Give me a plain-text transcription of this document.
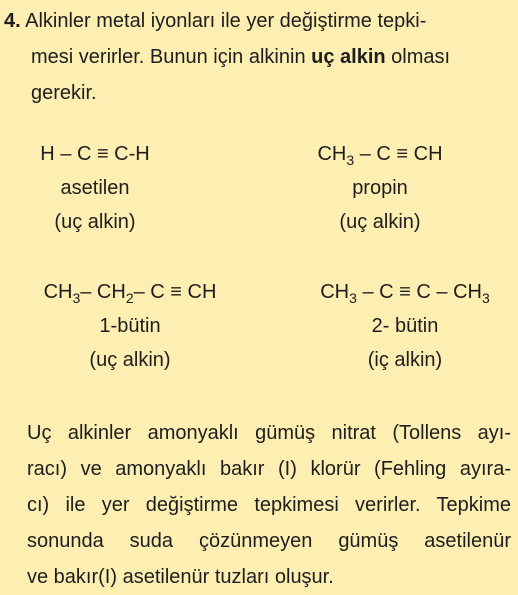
4. Alkinler metal iyonları ile yer değiştirme tepki-
mesi verirler. Bunun için alkinin uç alkin olması
gerekir.
H – C ≡ C-H
asetilen
(uç alkin)
$CH_3$ – C ≡ CH
propin
(uç alkin)
$CH_3-$ $CH_2-$ C ≡ CH
1-bütin
(uç alkin)
$CH_3 - C \equiv C - CH_3$
2- bütin
(iç alkin)
Uç alkinler amonyaklı gümüş nitrat (Tollens ayı-
racı) ve amonyaklı bakır (I) klorür (Fehling ayıra-
cı) ile yer değiştirme tepkimesi verirler. Tepkime
sonunda suda çözünmeyen gümüş asetilenür
ve bakır(I) asetilenür tuzları oluşur.
